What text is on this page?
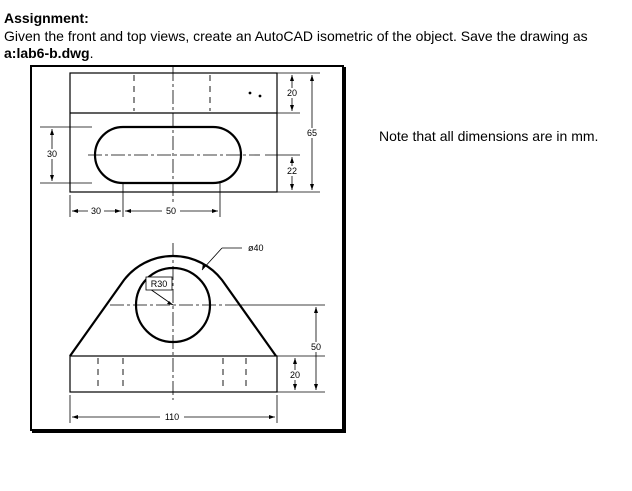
Assignment:
Given the front and top views, create an AutoCAD isometric of the object. Save the drawing as
a:lab6-b.dwg.
Note that all dimensions are in mm.
20
65
22
30
30	50
ø40
R30
50
20
110
